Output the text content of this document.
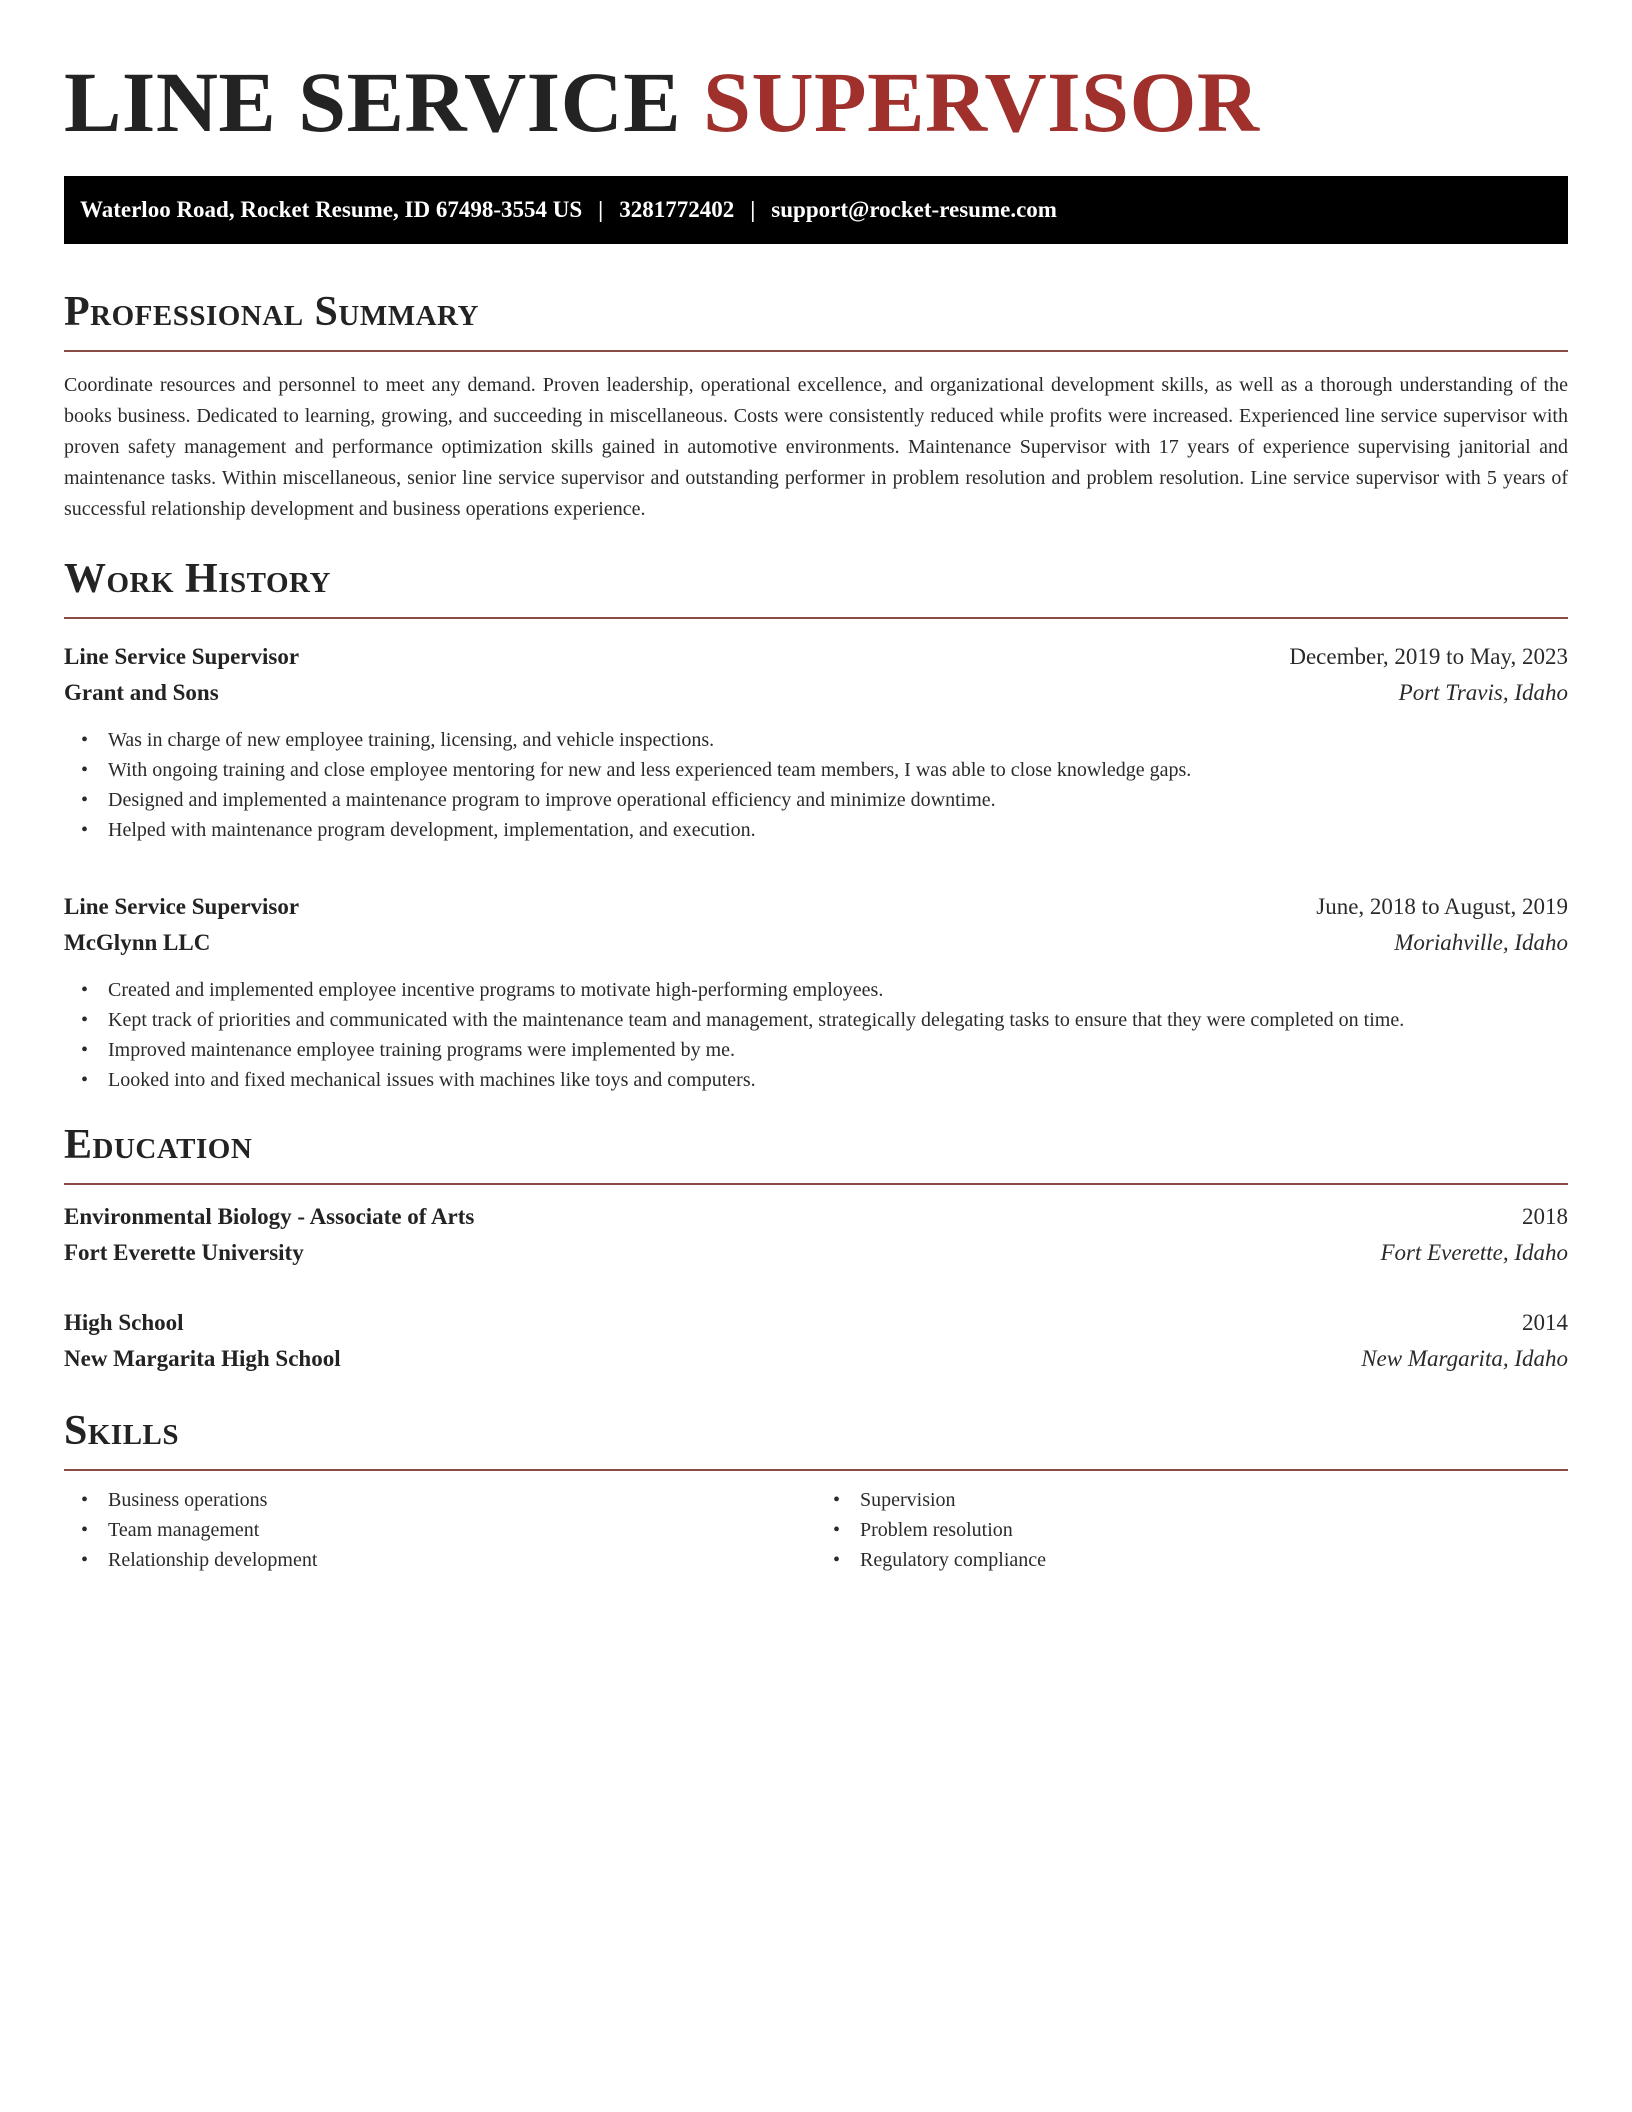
LINE SERVICE SUPERVISOR
Waterloo Road, Rocket Resume, ID 67498-3554 US | 3281772402 | support@rocket-resume.com
Professional Summary

Coordinate resources and personnel to meet any demand. Proven leadership, operational excellence, and organizational development skills, as well as a thorough understanding of the books business. Dedicated to learning, growing, and succeeding in miscellaneous. Costs were consistently reduced while profits were increased. Experienced line service supervisor with proven safety management and performance optimization skills gained in automotive environments. Maintenance Supervisor with 17 years of experience supervising janitorial and maintenance tasks. Within miscellaneous, senior line service supervisor and outstanding performer in problem resolution and problem resolution. Line service supervisor with 5 years of successful relationship development and business operations experience.

Work History
Line Service Supervisor	December, 2019 to May, 2023
Grant and Sons	Port Travis, Idaho
• Was in charge of new employee training, licensing, and vehicle inspections.
• With ongoing training and close employee mentoring for new and less experienced team members, I was able to close knowledge gaps.
• Designed and implemented a maintenance program to improve operational efficiency and minimize downtime.
• Helped with maintenance program development, implementation, and execution.
Line Service Supervisor	June, 2018 to August, 2019
McGlynn LLC	Moriahville, Idaho
• Created and implemented employee incentive programs to motivate high-performing employees.
• Kept track of priorities and communicated with the maintenance team and management, strategically delegating tasks to ensure that they were completed on time.
• Improved maintenance employee training programs were implemented by me.
• Looked into and fixed mechanical issues with machines like toys and computers.
Education
Environmental Biology - Associate of Arts	2018
Fort Everette University	Fort Everette, Idaho
High School	2014
New Margarita High School	New Margarita, Idaho
Skills
• Business operations
• Team management
• Relationship development
• Supervision
• Problem resolution
• Regulatory compliance
